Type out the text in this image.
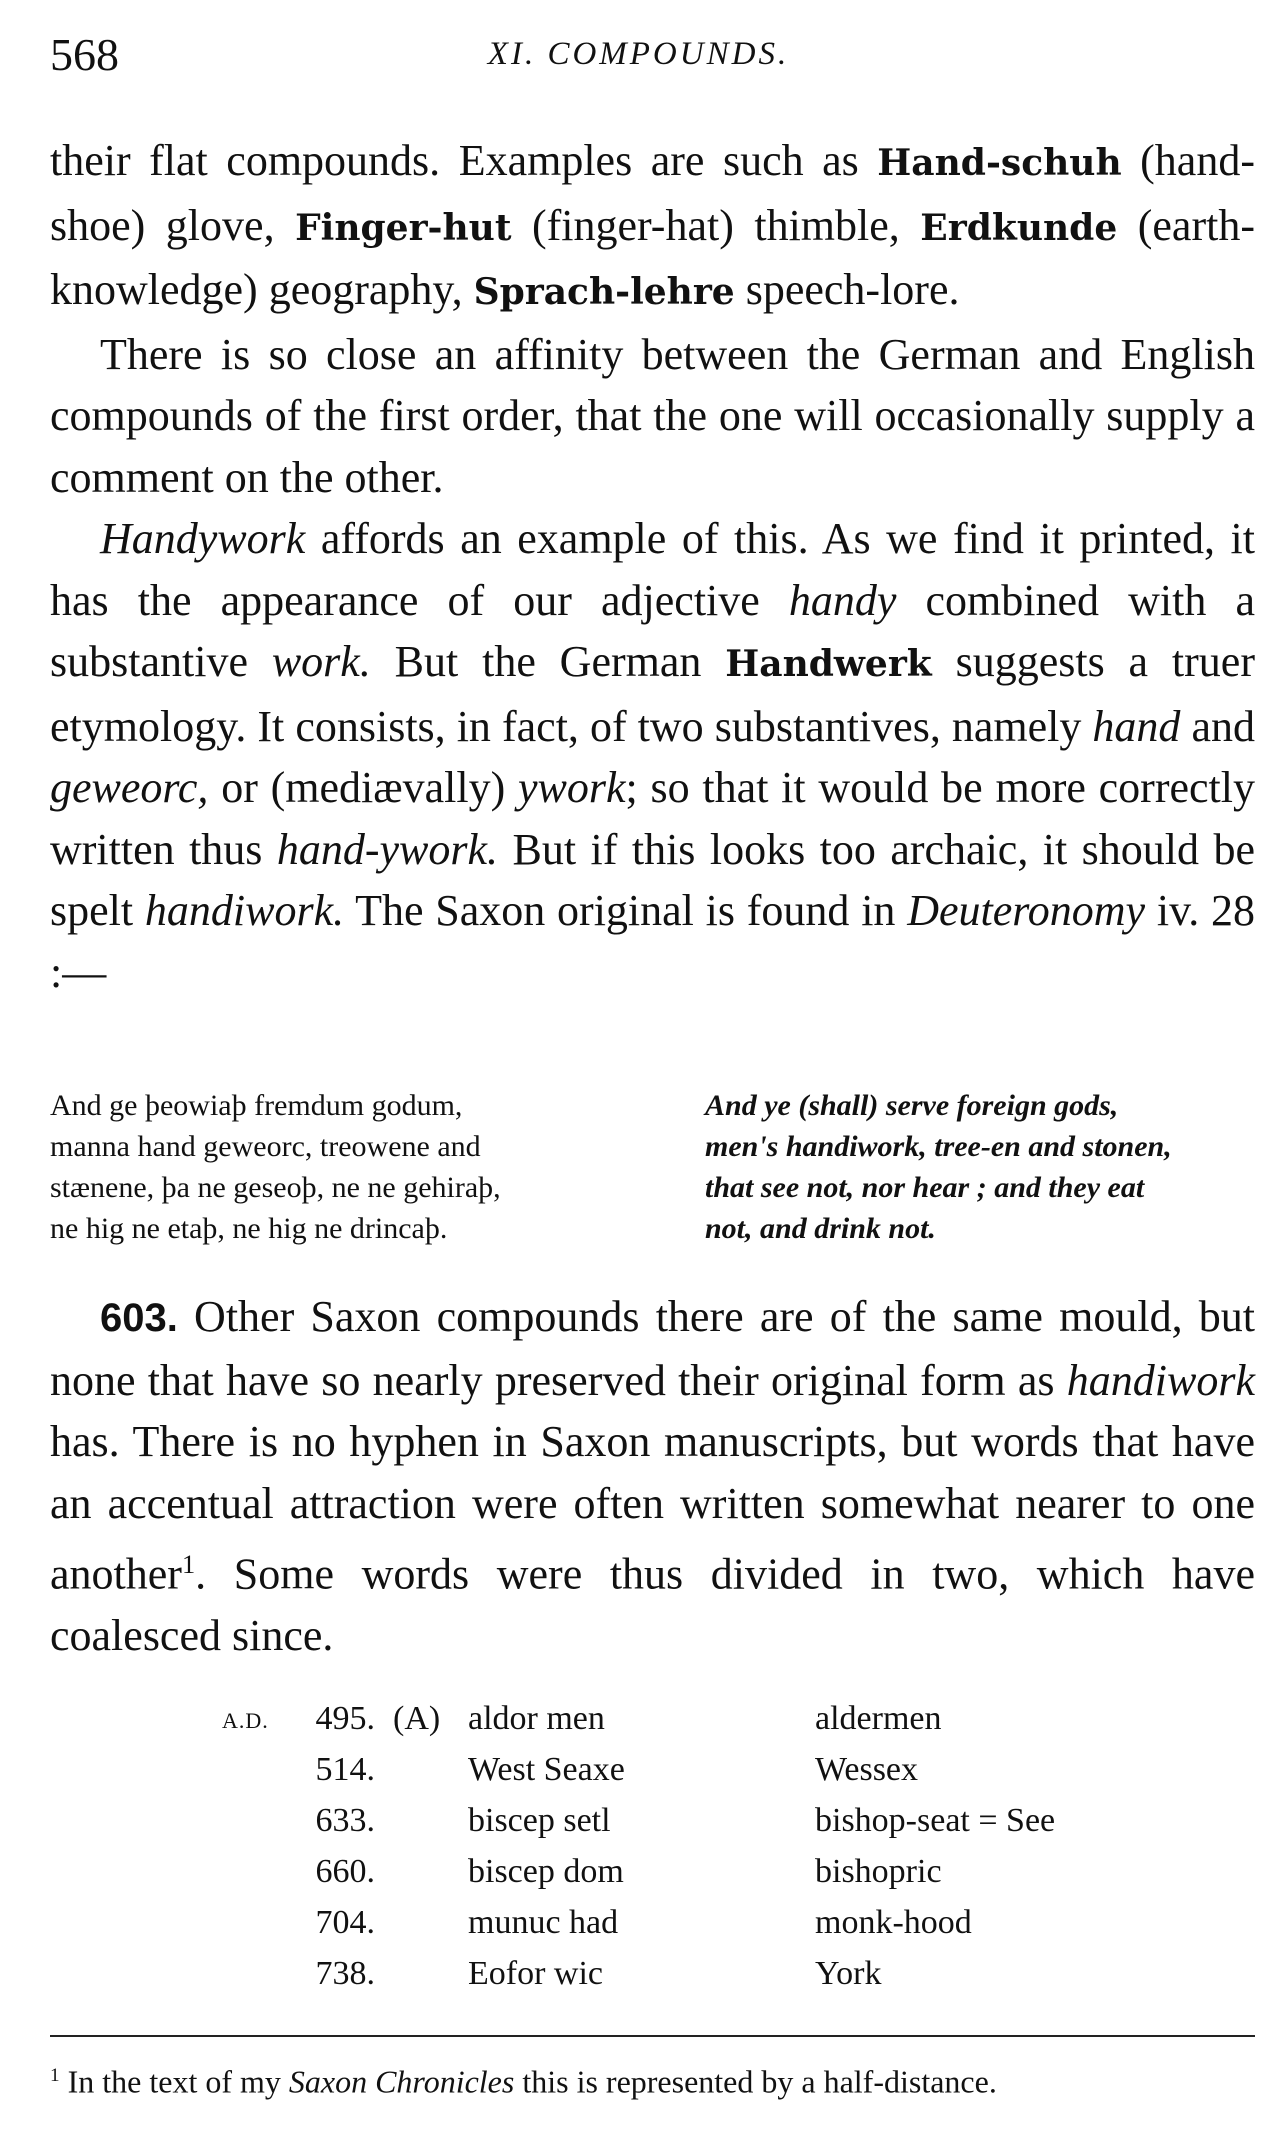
568	XI. COMPOUNDS.

their flat compounds. Examples are such as Hand-schuh (hand-shoe) glove, Finger-hut (finger-hat) thimble, Erdkunde (earth-knowledge) geography, Sprach-lehre speech-lore.

There is so close an affinity between the German and English compounds of the first order, that the one will occasionally supply a comment on the other.

Handywork affords an example of this. As we find it printed, it has the appearance of our adjective handy combined with a substantive work. But the German Handwerk suggests a truer etymology. It consists, in fact, of two substantives, namely hand and geweorc, or (mediævally) ywork; so that it would be more correctly written thus hand-ywork. But if this looks too archaic, it should be spelt handiwork. The Saxon original is found in Deuteronomy iv. 28 :—

And ge þeowiaþ fremdum godum,
manna hand geweorc, treowene and
stænene, þa ne geseoþ, ne ne gehiraþ,
ne hig ne etaþ, ne hig ne drincaþ.
And ye (shall) serve foreign gods,
men's handiwork, tree-en and stonen,
that see not, nor hear ; and they eat
not, and drink not.

603. Other Saxon compounds there are of the same mould, but none that have so nearly preserved their original form as handiwork has. There is no hyphen in Saxon manuscripts, but words that have an accentual attraction were often written somewhat nearer to one another$^1$. Some words were thus divided in two, which have coalesced since.

A.D.	495. (A) aldor men	aldermen
514.	West Seaxe	Wessex
633.	biscep setl	bishop-seat = See
660.	biscep dom	bishopric
704.	munuc had	monk-hood
738.	Eofor wic	York
$^1$ In the text of my Saxon Chronicles this is represented by a half-distance.
